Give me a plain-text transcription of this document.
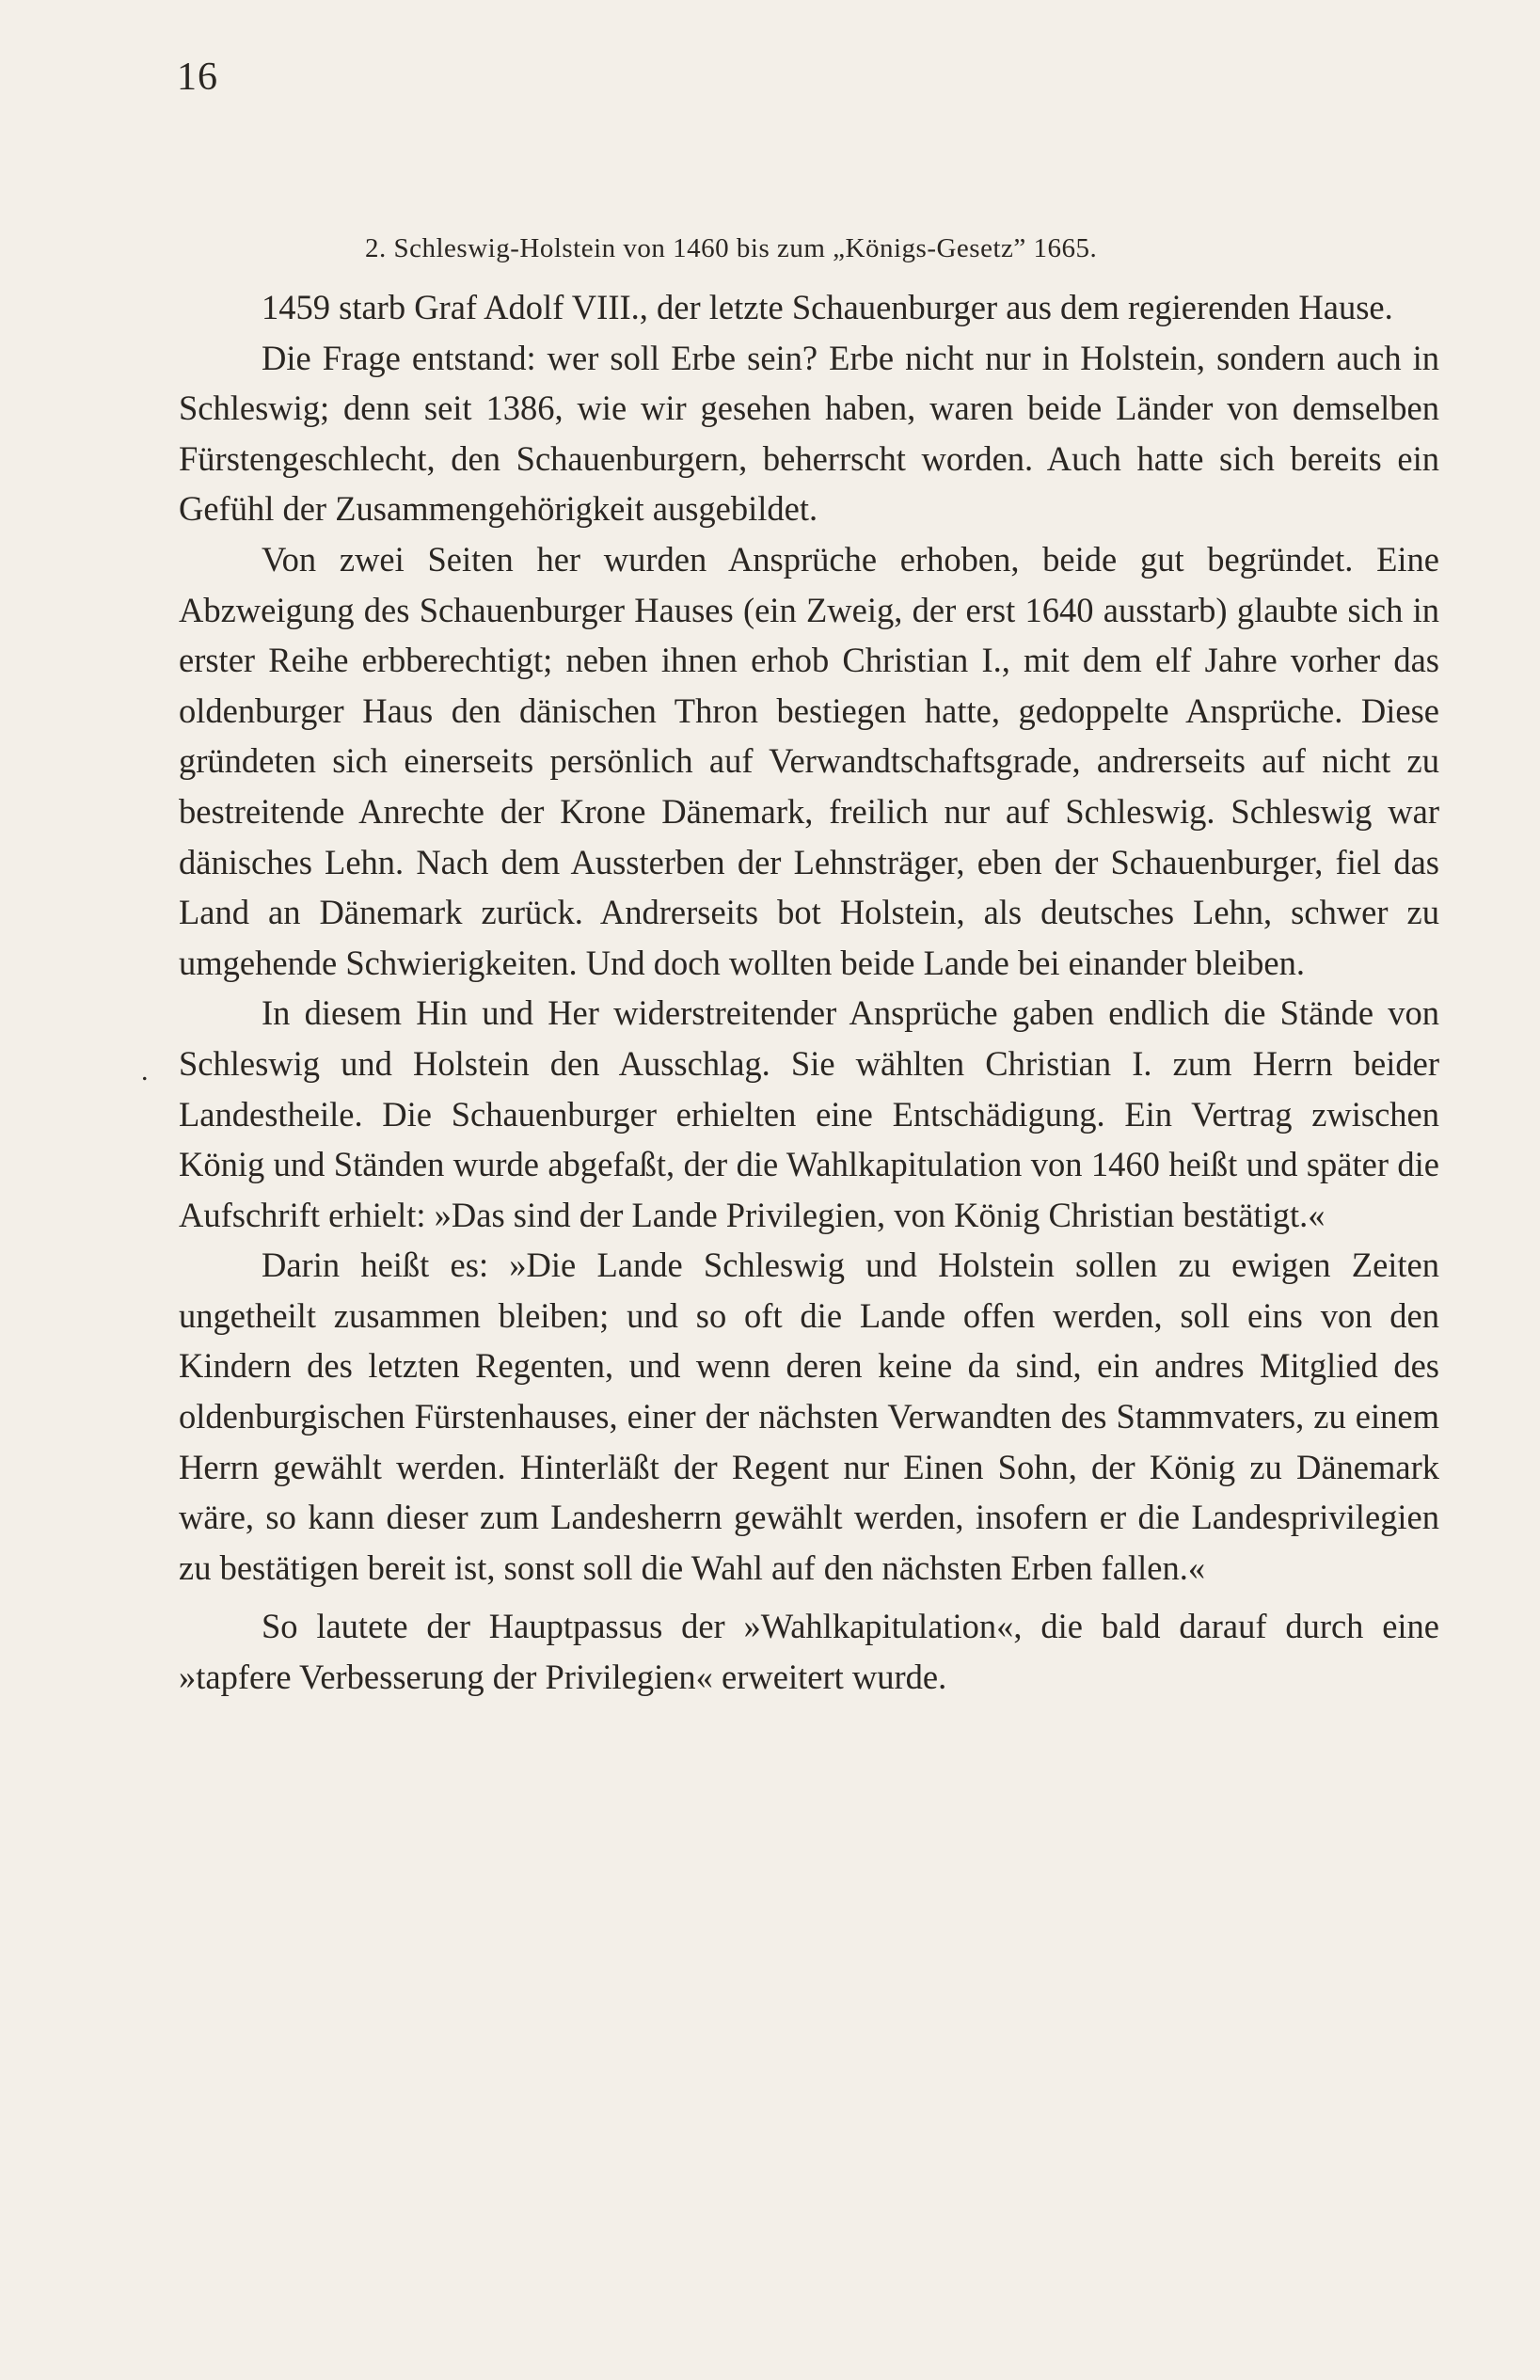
16
2. Schleswig-Holstein von 1460 bis zum „Königs-Gesetz” 1665.
.

1459 starb Graf Adolf VIII., der letzte Schauenburger aus dem regierenden Hause.

Die Frage entstand: wer soll Erbe sein? Erbe nicht nur in Holstein, sondern auch in Schleswig; denn seit 1386, wie wir gesehen haben, waren beide Länder von demselben Fürstengeschlecht, den Schauenburgern, beherrscht worden. Auch hatte sich bereits ein Gefühl der Zusammengehörigkeit ausgebildet.

Von zwei Seiten her wurden Ansprüche erhoben, beide gut begründet. Eine Abzweigung des Schauenburger Hauses (ein Zweig, der erst 1640 ausstarb) glaubte sich in erster Reihe erbberechtigt; neben ihnen erhob Christian I., mit dem elf Jahre vorher das oldenburger Haus den dänischen Thron bestiegen hatte, gedoppelte Ansprüche. Diese gründeten sich einerseits persönlich auf Verwandtschaftsgrade, andrerseits auf nicht zu bestreitende Anrechte der Krone Dänemark, freilich nur auf Schleswig. Schleswig war dänisches Lehn. Nach dem Aussterben der Lehnsträger, eben der Schauenburger, fiel das Land an Dänemark zurück. Andrerseits bot Holstein, als deutsches Lehn, schwer zu umgehende Schwierigkeiten. Und doch wollten beide Lande bei einander bleiben.

In diesem Hin und Her widerstreitender Ansprüche gaben endlich die Stände von Schleswig und Holstein den Ausschlag. Sie wählten Christian I. zum Herrn beider Landestheile. Die Schauenburger erhielten eine Entschädigung. Ein Vertrag zwischen König und Ständen wurde abgefaßt, der die Wahlkapitulation von 1460 heißt und später die Aufschrift erhielt: »Das sind der Lande Privilegien, von König Christian bestätigt.«

Darin heißt es: »Die Lande Schleswig und Holstein sollen zu ewigen Zeiten ungetheilt zusammen bleiben; und so oft die Lande offen werden, soll eins von den Kindern des letzten Regenten, und wenn deren keine da sind, ein andres Mitglied des oldenburgischen Fürstenhauses, einer der nächsten Verwandten des Stammvaters, zu einem Herrn gewählt werden. Hinterläßt der Regent nur Einen Sohn, der König zu Dänemark wäre, so kann dieser zum Landesherrn gewählt werden, insofern er die Landesprivilegien zu bestätigen bereit ist, sonst soll die Wahl auf den nächsten Erben fallen.«

So lautete der Hauptpassus der »Wahlkapitulation«, die bald darauf durch eine »tapfere Verbesserung der Privilegien« erweitert wurde.
